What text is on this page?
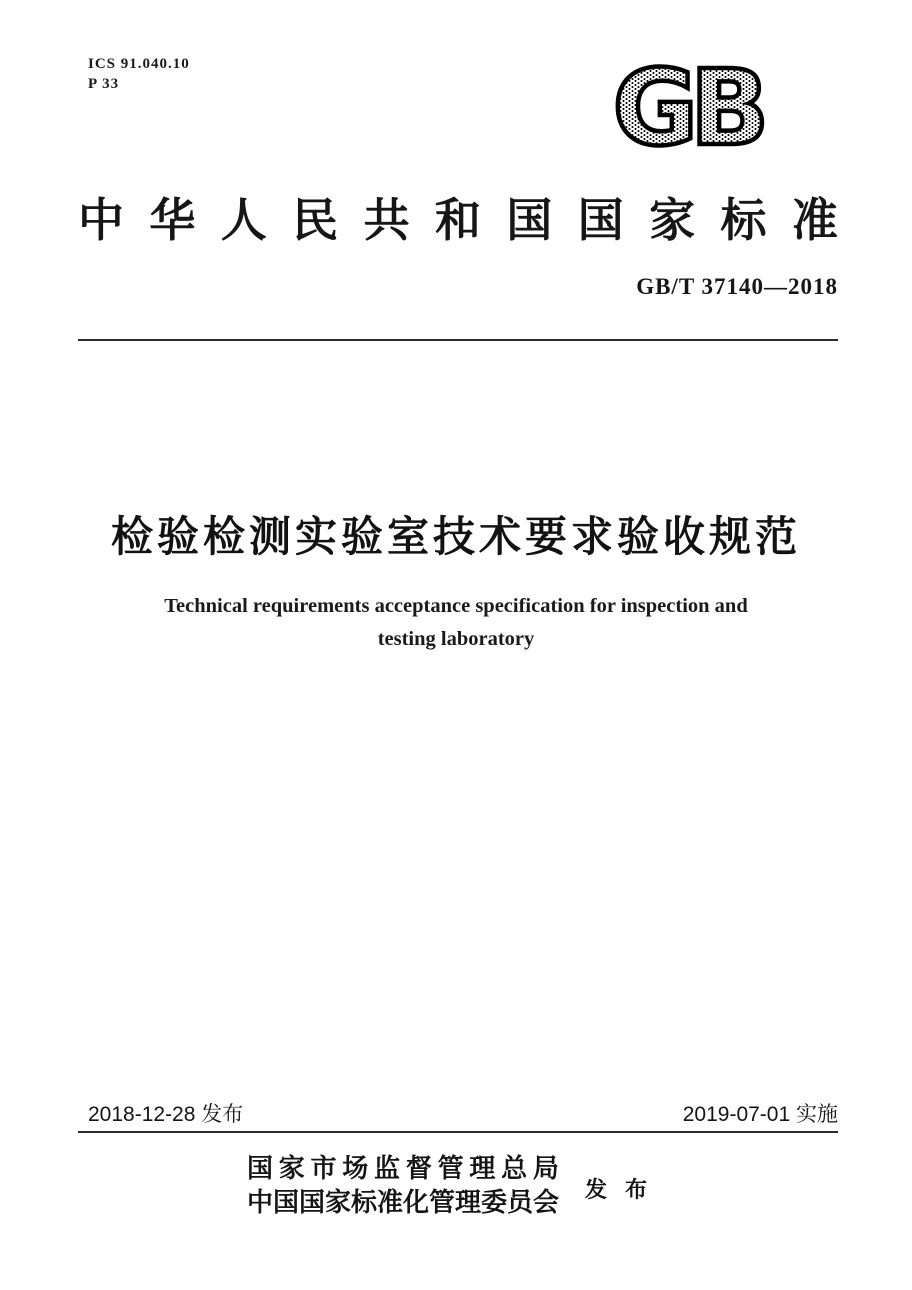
ICS 91.040.10
P 33	GB
中 华 人 民 共 和 国 国 家 标 准
GB/T 37140—2018
检验检测实验室技术要求验收规范
Technical requirements acceptance specification for inspection and
testing laboratory
2018-12-28 发布	2019-07-01 实施
国 家 市 场 监 督 管 理 总 局
中国国家标准化管理委员会 发布
